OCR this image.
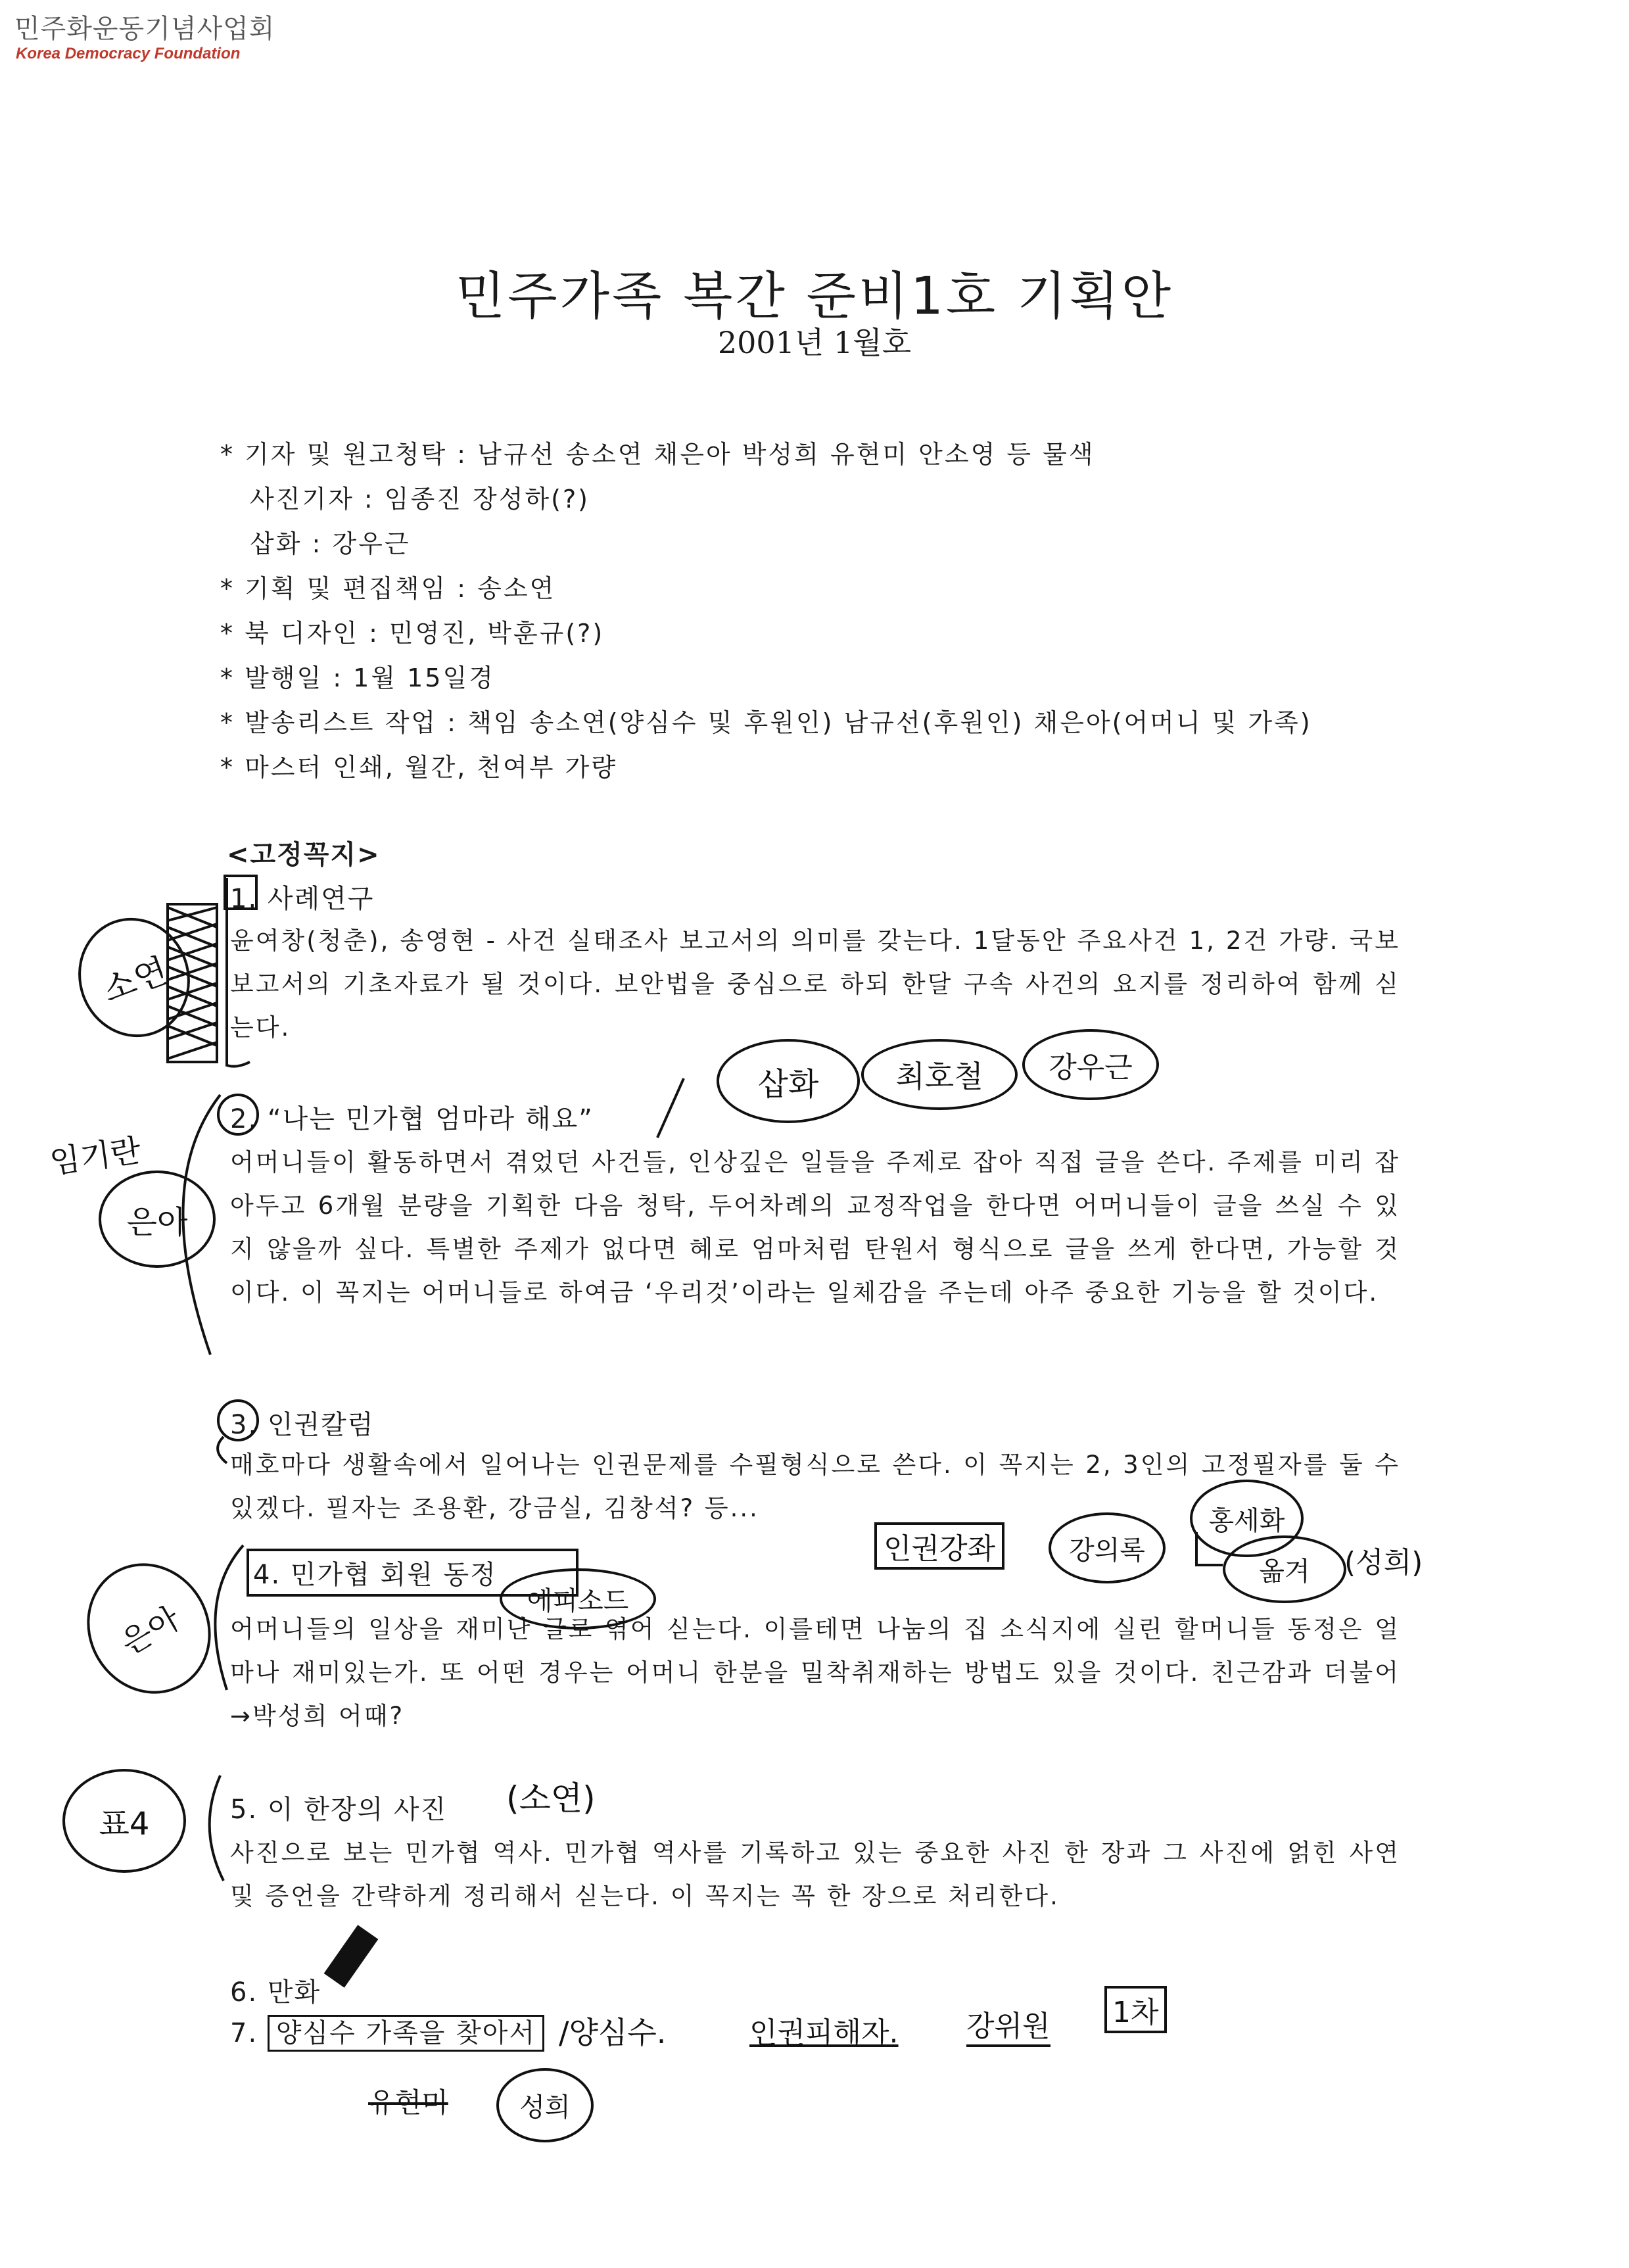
민주화운동기념사업회
Korea Democracy Foundation
민주가족 복간 준비1호 기획안
2001년 1월호
* 기자 및 원고청탁 : 남규선 송소연 채은아 박성희 유현미 안소영 등 물색
사진기자 : 임종진 장성하(?)
삽화 : 강우근
* 기획 및 편집책임 : 송소연
* 북 디자인 : 민영진, 박훈규(?)
* 발행일 : 1월 15일경
* 발송리스트 작업 : 책임 송소연(양심수 및 후원인) 남규선(후원인) 채은아(어머니 및 가족)
* 마스터 인쇄, 월간, 천여부 가량
<고정꼭지>
1. 사례연구
윤여창(청춘), 송영현 - 사건 실태조사 보고서의 의미를 갖는다. 1달동안 주요사건 1, 2건 가량. 국보 보고서의 기초자료가 될 것이다. 보안법을 중심으로 하되 한달 구속 사건의 요지를 정리하여 함께 싣는다.
2. “나는 민가협 엄마라 해요”
어머니들이 활동하면서 겪었던 사건들, 인상깊은 일들을 주제로 잡아 직접 글을 쓴다. 주제를 미리 잡아두고 6개월 분량을 기획한 다음 청탁, 두어차례의 교정작업을 한다면 어머니들이 글을 쓰실 수 있지 않을까 싶다. 특별한 주제가 없다면 혜로 엄마처럼 탄원서 형식으로 글을 쓰게 한다면, 가능할 것이다. 이 꼭지는 어머니들로 하여금 ‘우리것’이라는 일체감을 주는데 아주 중요한 기능을 할 것이다.
3. 인권칼럼
매호마다 생활속에서 일어나는 인권문제를 수필형식으로 쓴다. 이 꼭지는 2, 3인의 고정필자를 둘 수 있겠다. 필자는 조용환, 강금실, 김창석? 등...
4. 민가협 회원 동정
어머니들의 일상을 재미난 글로 엮어 싣는다. 이를테면 나눔의 집 소식지에 실린 할머니들 동정은 얼마나 재미있는가. 또 어떤 경우는 어머니 한분을 밀착취재하는 방법도 있을 것이다. 친근감과 더불어 →박성희 어때?
5. 이 한장의 사진
사진으로 보는 민가협 역사. 민가협 역사를 기록하고 있는 중요한 사진 한 장과 그 사진에 얽힌 사연 및 증언을 간략하게 정리해서 싣는다. 이 꼭지는 꼭 한 장으로 처리한다.
6. 만화
7. 양심수 가족을 찾아서
소연
삽화	최호철 강우근
임기란
은아
인권강좌	강의록
홍세화
옮겨 (성희)
은아	에피소드
표4
(소연)
/양심수.	인권피해자. 강위원 1차
유현미	성희
